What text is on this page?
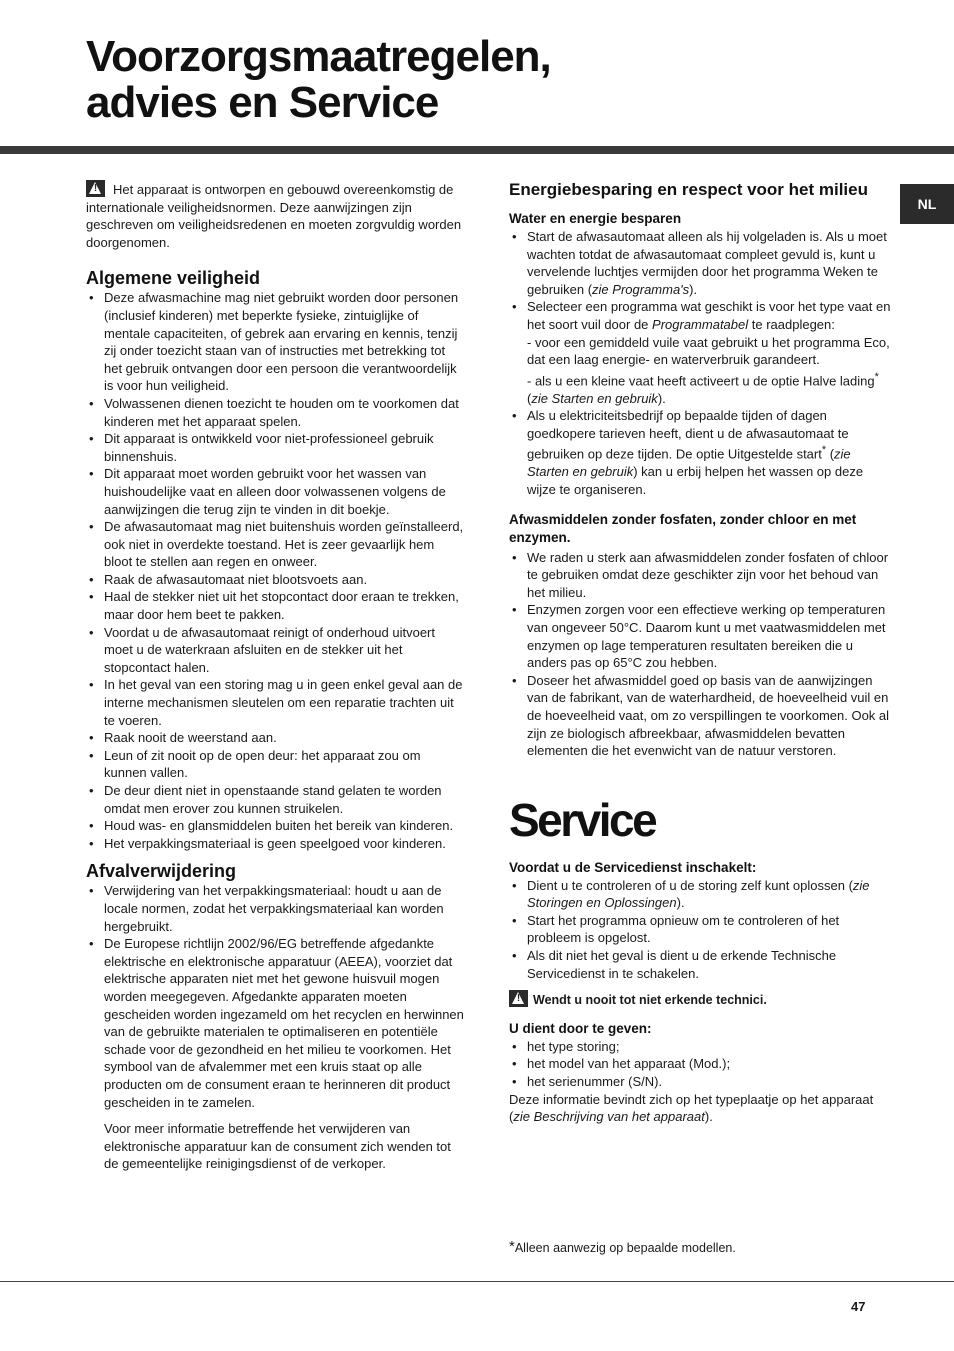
Voorzorgsmaatregelen,
advies en Service
NL

!Het apparaat is ontworpen en gebouwd overeenkomstig de internationale veiligheidsnormen. Deze aanwijzingen zijn geschreven om veiligheidsredenen en moeten zorgvuldig worden doorgenomen.

Algemene veiligheid
• Deze afwasmachine mag niet gebruikt worden door personen (inclusief kinderen) met beperkte fysieke, zintuiglijke of mentale capaciteiten, of gebrek aan ervaring en kennis, tenzij zij onder toezicht staan van of instructies met betrekking tot het gebruik ontvangen door een persoon die verantwoordelijk is voor hun veiligheid.
• Volwassenen dienen toezicht te houden om te voorkomen dat kinderen met het apparaat spelen.
• Dit apparaat is ontwikkeld voor niet-professioneel gebruik binnenshuis.
• Dit apparaat moet worden gebruikt voor het wassen van huishoudelijke vaat en alleen door volwassenen volgens de aanwijzingen die terug zijn te vinden in dit boekje.
• De afwasautomaat mag niet buitenshuis worden geïnstalleerd, ook niet in overdekte toestand. Het is zeer gevaarlijk hem bloot te stellen aan regen en onweer.
• Raak de afwasautomaat niet blootsvoets aan.
• Haal de stekker niet uit het stopcontact door eraan te trekken, maar door hem beet te pakken.
• Voordat u de afwasautomaat reinigt of onderhoud uitvoert moet u de waterkraan afsluiten en de stekker uit het stopcontact halen.
• In het geval van een storing mag u in geen enkel geval aan de interne mechanismen sleutelen om een reparatie trachten uit te voeren.
• Raak nooit de weerstand aan.
• Leun of zit nooit op de open deur: het apparaat zou om kunnen vallen.
• De deur dient niet in openstaande stand gelaten te worden omdat men erover zou kunnen struikelen.
• Houd was- en glansmiddelen buiten het bereik van kinderen.
• Het verpakkingsmateriaal is geen speelgoed voor kinderen.
Afvalverwijdering
• Verwijdering van het verpakkingsmateriaal: houdt u aan de locale normen, zodat het verpakkingsmateriaal kan worden hergebruikt.
• De Europese richtlijn 2002/96/EG betreffende afgedankte elektrische en elektronische apparatuur (AEEA), voorziet dat elektrische apparaten niet met het gewone huisvuil mogen worden meegegeven. Afgedankte apparaten moeten gescheiden worden ingezameld om het recyclen en herwinnen van de gebruikte materialen te optimaliseren en potentiële schade voor de gezondheid en het milieu te voorkomen. Het symbool van de afvalemmer met een kruis staat op alle producten om de consument eraan te herinneren dit product gescheiden in te zamelen.

Voor meer informatie betreffende het verwijderen van elektronische apparatuur kan de consument zich wenden tot de gemeentelijke reinigingsdienst of de verkoper.

Energiebesparing en respect voor het milieu
Water en energie besparen
• Start de afwasautomaat alleen als hij volgeladen is. Als u moet wachten totdat de afwasautomaat compleet gevuld is, kunt u vervelende luchtjes vermijden door het programma Weken te gebruiken (zie Programma's).
• Selecteer een programma wat geschikt is voor het type vaat en het soort vuil door de Programmatabel te raadplegen:
- voor een gemiddeld vuile vaat gebruikt u het programma Eco, dat een laag energie- en waterverbruik garandeert.
- als u een kleine vaat heeft activeert u de optie Halve lading* (zie Starten en gebruik).
• Als u elektriciteitsbedrijf op bepaalde tijden of dagen goedkopere tarieven heeft, dient u de afwasautomaat te gebruiken op deze tijden. De optie Uitgestelde start* (zie Starten en gebruik) kan u erbij helpen het wassen op deze wijze te organiseren.
Afwasmiddelen zonder fosfaten, zonder chloor en met enzymen.
• We raden u sterk aan afwasmiddelen zonder fosfaten of chloor te gebruiken omdat deze geschikter zijn voor het behoud van het milieu.
• Enzymen zorgen voor een effectieve werking op temperaturen van ongeveer 50°C. Daarom kunt u met vaatwasmiddelen met enzymen op lage temperaturen resultaten bereiken die u anders pas op 65°C zou hebben.
• Doseer het afwasmiddel goed op basis van de aanwijzingen van de fabrikant, van de waterhardheid, de hoeveelheid vuil en de hoeveelheid vaat, om zo verspillingen te voorkomen. Ook al zijn ze biologisch afbreekbaar, afwasmiddelen bevatten elementen die het evenwicht van de natuur verstoren.
Service
Voordat u de Servicedienst inschakelt:
• Dient u te controleren of u de storing zelf kunt oplossen (zie Storingen en Oplossingen).
• Start het programma opnieuw om te controleren of het probleem is opgelost.
• Als dit niet het geval is dient u de erkende Technische Servicedienst in te schakelen.

!Wendt u nooit tot niet erkende technici.

U dient door te geven:
• het type storing;
• het model van het apparaat (Mod.);
• het serienummer (S/N).

Deze informatie bevindt zich op het typeplaatje op het apparaat (zie Beschrijving van het apparaat).

*Alleen aanwezig op bepaalde modellen.

47
